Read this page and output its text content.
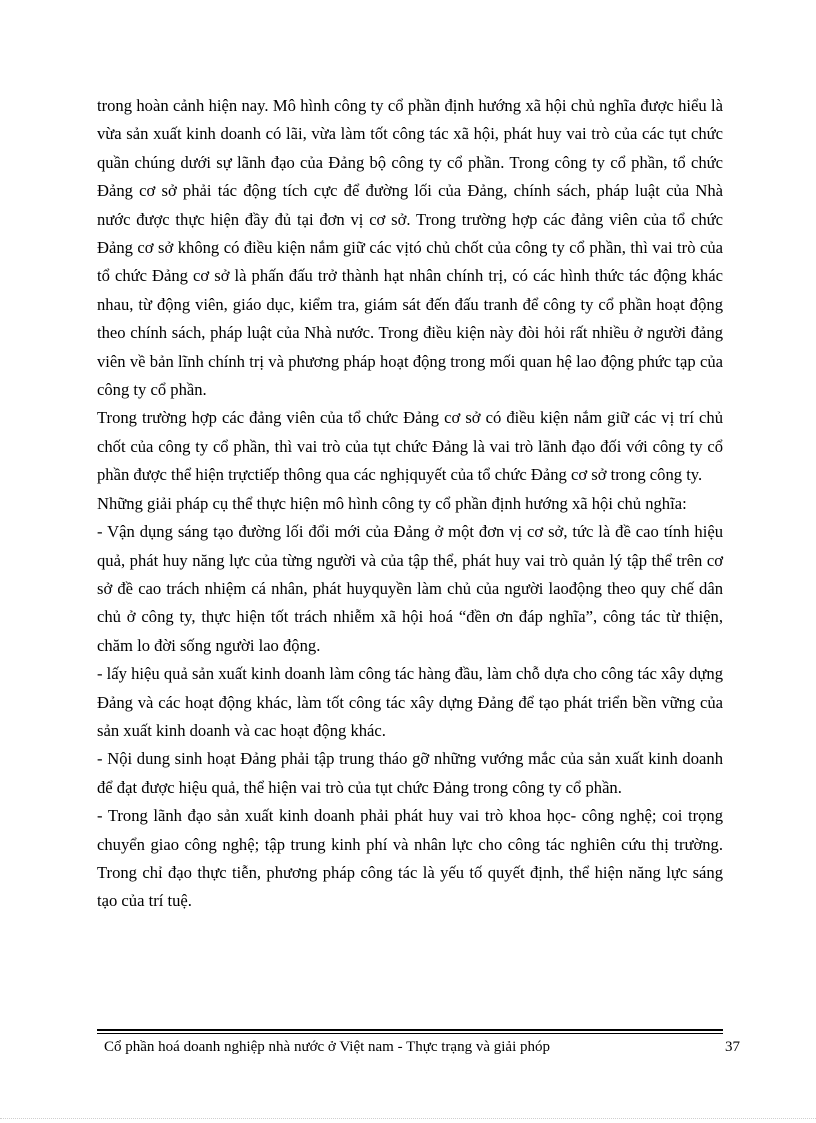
trong hoàn cảnh hiện nay. Mô hình công ty cổ phần định hướng xã hội chủ nghĩa được hiểu là vừa sản xuất kinh doanh có lãi, vừa làm tốt công tác xã hội, phát huy vai trò của các tụt chức quần chúng dưới sự lãnh đạo của Đảng bộ công ty cổ phần. Trong công ty cổ phần, tổ chức Đảng cơ sở phải tác động tích cực để đường lối của Đảng, chính sách, pháp luật của Nhà nước được thực hiện đầy đủ tại đơn vị cơ sở. Trong trường hợp các đảng viên của tổ chức Đảng cơ sở không có điều kiện nắm giữ các vịtó chủ chốt của công ty cổ phần, thì vai trò của tổ chức Đảng cơ sở là phấn đấu trở thành hạt nhân chính trị, có các hình thức tác động khác nhau, từ động viên, giáo dục, kiểm tra, giám sát đến đấu tranh để công ty cổ phần hoạt động theo chính sách, pháp luật của Nhà nước. Trong điều kiện này đòi hỏi rất nhiều ở người đảng viên về bản lĩnh chính trị và phương pháp hoạt động trong mối quan hệ lao động phức tạp của công ty cổ phần.

Trong trường hợp các đảng viên của tổ chức Đảng cơ sở có điều kiện nắm giữ các vị trí chủ chốt của công ty cổ phần, thì vai trò của tụt chức Đảng là vai trò lãnh đạo đối với công ty cổ phần được thể hiện trựctiếp thông qua các nghịquyết của tổ chức Đảng cơ sở trong công ty.

Những giải pháp cụ thể thực hiện mô hình công ty cổ phần định hướng xã hội chủ nghĩa:

- Vận dụng sáng tạo đường lối đổi mới của Đảng ở một đơn vị cơ sở, tức là đề cao tính hiệu quả, phát huy năng lực của từng người và của tập thể, phát huy vai trò quản lý tập thể trên cơ sở đề cao trách nhiệm cá nhân, phát huyquyền làm chủ của người laođộng theo quy chế dân chủ ở công ty, thực hiện tốt trách nhiễm xã hội hoá “đền ơn đáp nghĩa”, công tác từ thiện, chăm lo đời sống người lao động.

- lấy hiệu quả sản xuất kinh doanh làm công tác hàng đầu, làm chỗ dựa cho công tác xây dựng Đảng và các hoạt động khác, làm tốt công tác xây dựng Đảng để tạo phát triển bền vững của sản xuất kinh doanh và cac hoạt động khác.

- Nội dung sinh hoạt Đảng phải tập trung tháo gỡ những vướng mắc của sản xuất kinh doanh để đạt được hiệu quả, thể hiện vai trò của tụt chức Đảng trong công ty cổ phần.

- Trong lãnh đạo sản xuất kinh doanh phải phát huy vai trò khoa học- công nghệ; coi trọng chuyển giao công nghệ; tập trung kinh phí và nhân lực cho công tác nghiên cứu thị trường. Trong chỉ đạo thực tiễn, phương pháp công tác là yếu tố quyết định, thể hiện năng lực sáng tạo của trí tuệ.

Cổ phần hoá doanh nghiệp nhà nước ở Việt nam - Thực trạng và giải phóp	37
